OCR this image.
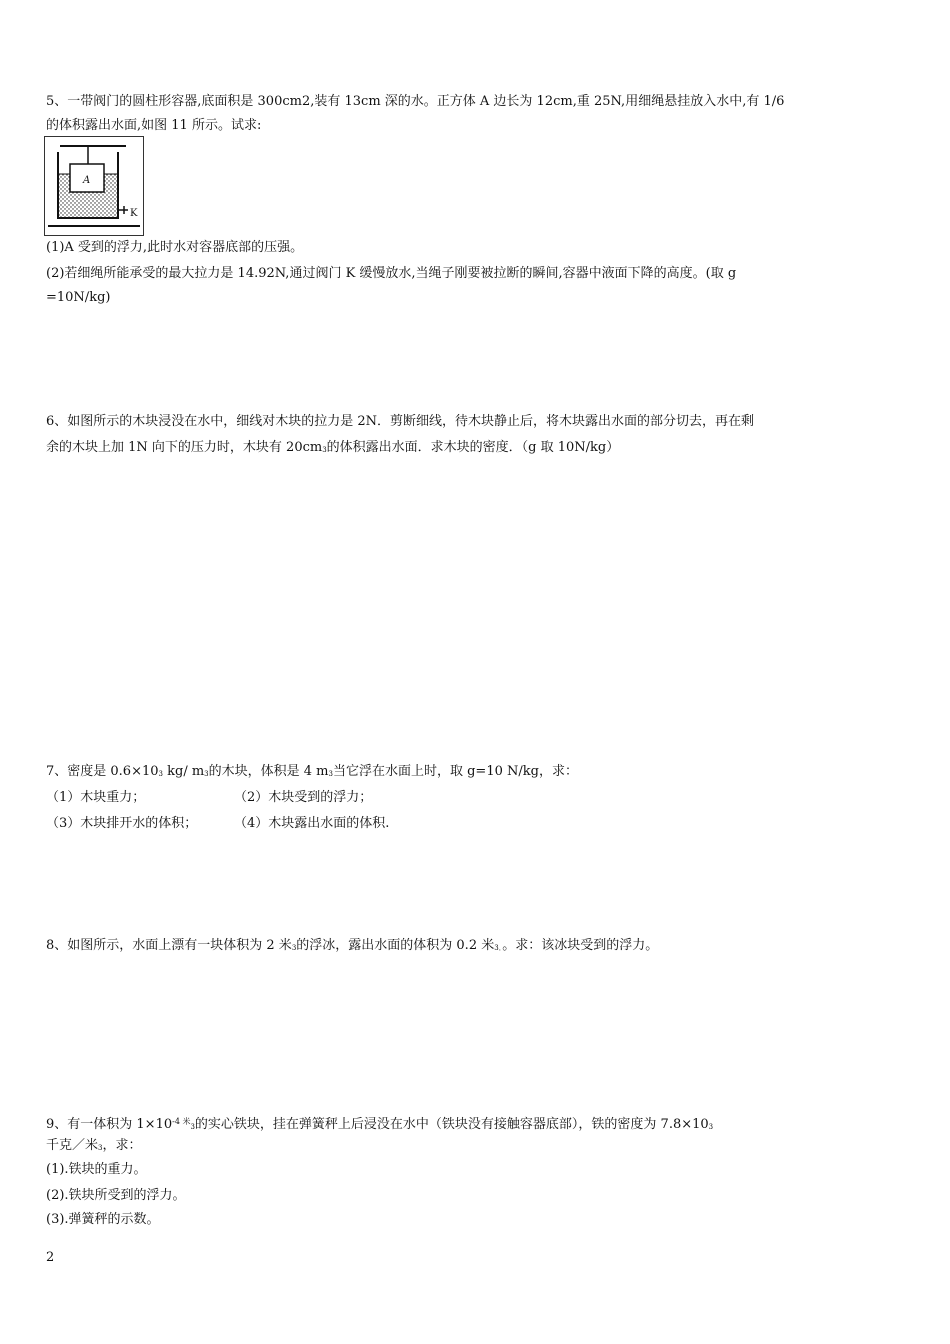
5、一带阀门的圆柱形容器,底面积是 300cm2,装有 13cm 深的水。正方体 A 边长为 12cm,重 25N,用细绳悬挂放入水中,有 1/6
的体积露出水面,如图 11 所示。试求:
A
K
(1)A 受到的浮力,此时水对容器底部的压强。
(2)若细绳所能承受的最大拉力是 14.92N,通过阀门 K 缓慢放水,当绳子刚要被拉断的瞬间,容器中液面下降的高度。(取 g
=10N/kg)
6、如图所示的木块浸没在水中，细线对木块的拉力是 2N．剪断细线，待木块静止后，将木块露出水面的部分切去，再在剩
余的木块上加 1N 向下的压力时，木块有 20cm3的体积露出水面．求木块的密度．（g 取 10N/kg）
7、密度是 0.6×103 kg/ m3的木块，体积是 4 m3当它浮在水面上时，取 g=10 N/kg，求：
（1）木块重力；	（2）木块受到的浮力；
（3）木块排开水的体积；	（4）木块露出水面的体积.
8、如图所示，水面上漂有一块体积为 2 米3的浮冰，露出水面的体积为 0.2 米3．。求：该冰块受到的浮力。
9、有一体积为 $1\times 10^{-4 米}3$的实心铁块，挂在弹簧秤上后浸没在水中（铁块没有接触容器底部），铁的密度为 7.8×103
千克／米3，求：
(1).铁块的重力。
(2).铁块所受到的浮力。
(3).弹簧秤的示数。
2
